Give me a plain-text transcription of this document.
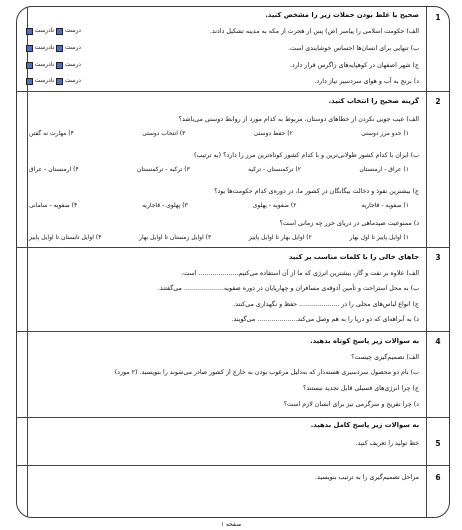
1
صحیح یا غلط بودن جملات زیر را مشخص کنید.
الف) حکومت اسلامی را پیامبر (ص) پس از هجرت از مکه به مدینه تشکیل دادند.
درست
نادرست
ب) تنهایی برای انسان‌ها احساس خوشایندی است.
درست
نادرست
ج) شهر اصفهان در کوهپایه‌های زاگرس قرار دارد.
درست
نادرست
د) برنج به آب و هوای سردسیر نیاز دارد.
درست
نادرست
2
گزینه صحیح را انتخاب کنید.
الف) عیب جویی نکردن از خطاهای دوستان، مربوط به کدام مورد از روابط دوستی می‌باشد؟
۱) حدو مرز دوستی
۲) حفظ دوستی
۳) انتخاب دوستی
۴) مهارت نه گفتن
ب) ایران با کدام کشور طولانی‌ترین و با کدام کشور کوتاه‌ترین مرز را دارد؟ (به ترتیب)
۱) عراق - ارمنستان
۲) ترکمنستان - ترکیه
۳) ترکیه - ترکمنستان
۴) ارمنستان - عراق
ج) بیشترین نفوذ و دخالت بیگانگان در کشور ما، در دوره‌ی کدام حکومت‌ها بود؟
۱) صفویه - قاجاریه
۲) صفویه - پهلوی
۳) پهلوی - قاجاریه
۴) صفویه - سامانی
د) ممنوعیت صیدماهی در دریای خزر چه زمانی است؟
۱) اوایل پاییز تا اول بهار
۲) اوایل بهار تا اوایل پاییز
۳) اوایل زمستان تا اوایل بهار
۴) اوایل تابستان تا اوایل پاییز
3
جاهای خالی را با کلمات مناسب پر کنید
الف) علاوه بر نفت و گاز، بیشترین انرژی که ما از آن استفاده می‌کنیم.................... است.
ب) به محل استراحت و تأمین آذوقه‌ی مسافران و چهارپایان در دوره صفویه.................... می‌گفتند.
ج) انواع لباس‌های محلی را در .................... حفظ و نگهداری می‌کنند.
د) به آبراهه‌ای که دو دریا را به هم وصل می‌کند.................... می‌گویند.
4
به سوالات زیر پاسخ کوتاه بدهید.
الف) تصمیم‌گیری چیست؟
ب) نام دو محصول سردسیری هسته‌دار که به‌دلیل مرغوب بودن به خارج از کشور صادر می‌شوند را بنویسید. (۲ مورد)
ج) چرا انرژی‌های فسیلی قابل تجدید نیستند؟
د) چرا تفریح و سرگرمی نیز برای انسان لازم است؟
به سوالات زیر پاسخ کامل بدهید.
5
خط تولید را تعریف کنید.
6
مراحل تصمیم‌گیری را به ترتیب بنویسید.
صفحه ۱
